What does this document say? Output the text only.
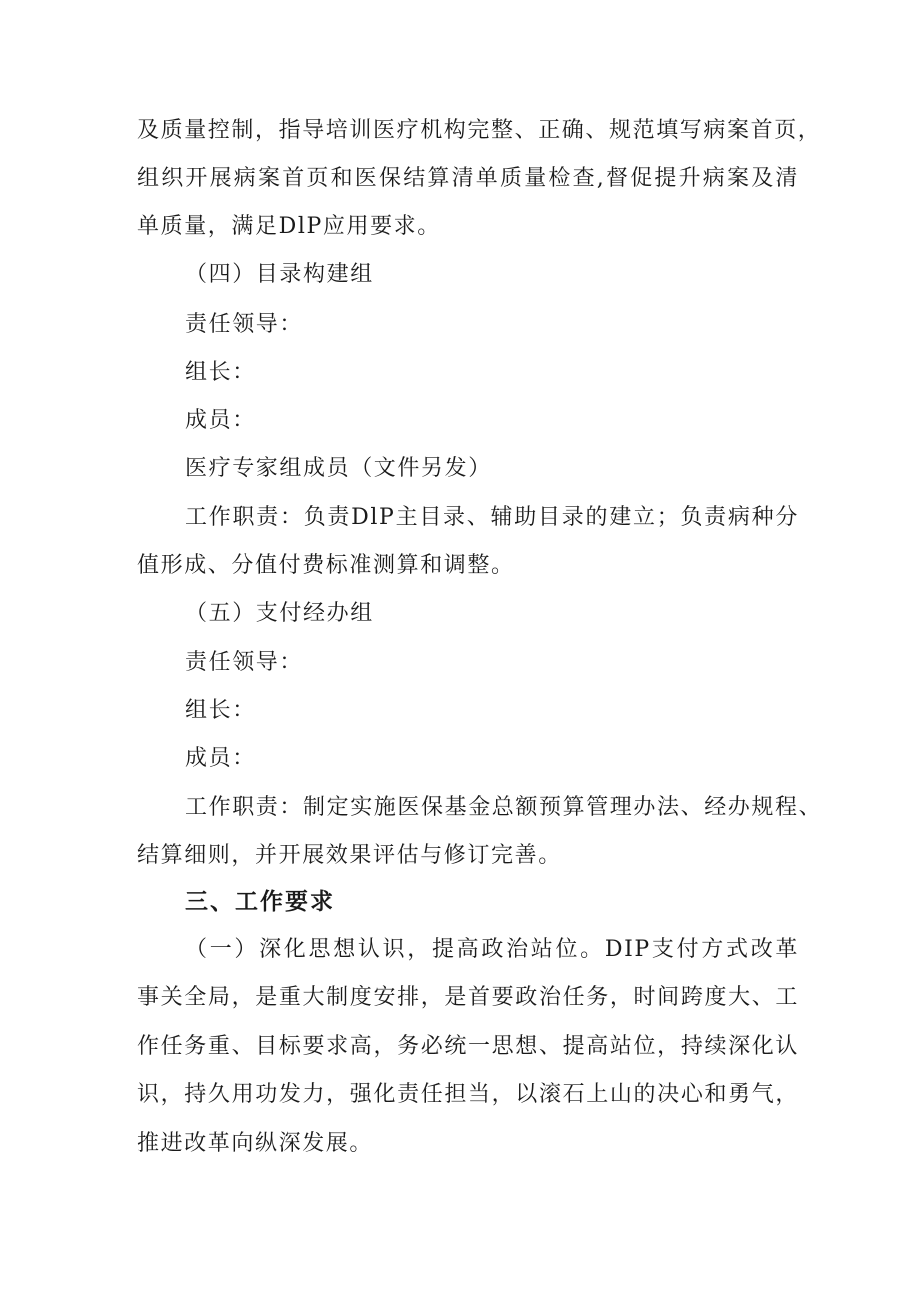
及质量控制，指导培训医疗机构完整、正确、规范填写病案首页，
组织开展病案首页和医保结算清单质量检查,督促提升病案及清
单质量，满足DlP应用要求。
（四）目录构建组
责任领导：
组长：
成员：
医疗专家组成员（文件另发）
工作职责：负责DlP主目录、辅助目录的建立；负责病种分
值形成、分值付费标准测算和调整。
（五）支付经办组
责任领导：
组长：
成员：
工作职责：制定实施医保基金总额预算管理办法、经办规程、
结算细则，并开展效果评估与修订完善。
三、工作要求
（一）深化思想认识，提高政治站位。DIP支付方式改革
事关全局，是重大制度安排，是首要政治任务，时间跨度大、工
作任务重、目标要求高，务必统一思想、提高站位，持续深化认
识，持久用功发力，强化责任担当，以滚石上山的决心和勇气，
推进改革向纵深发展。
